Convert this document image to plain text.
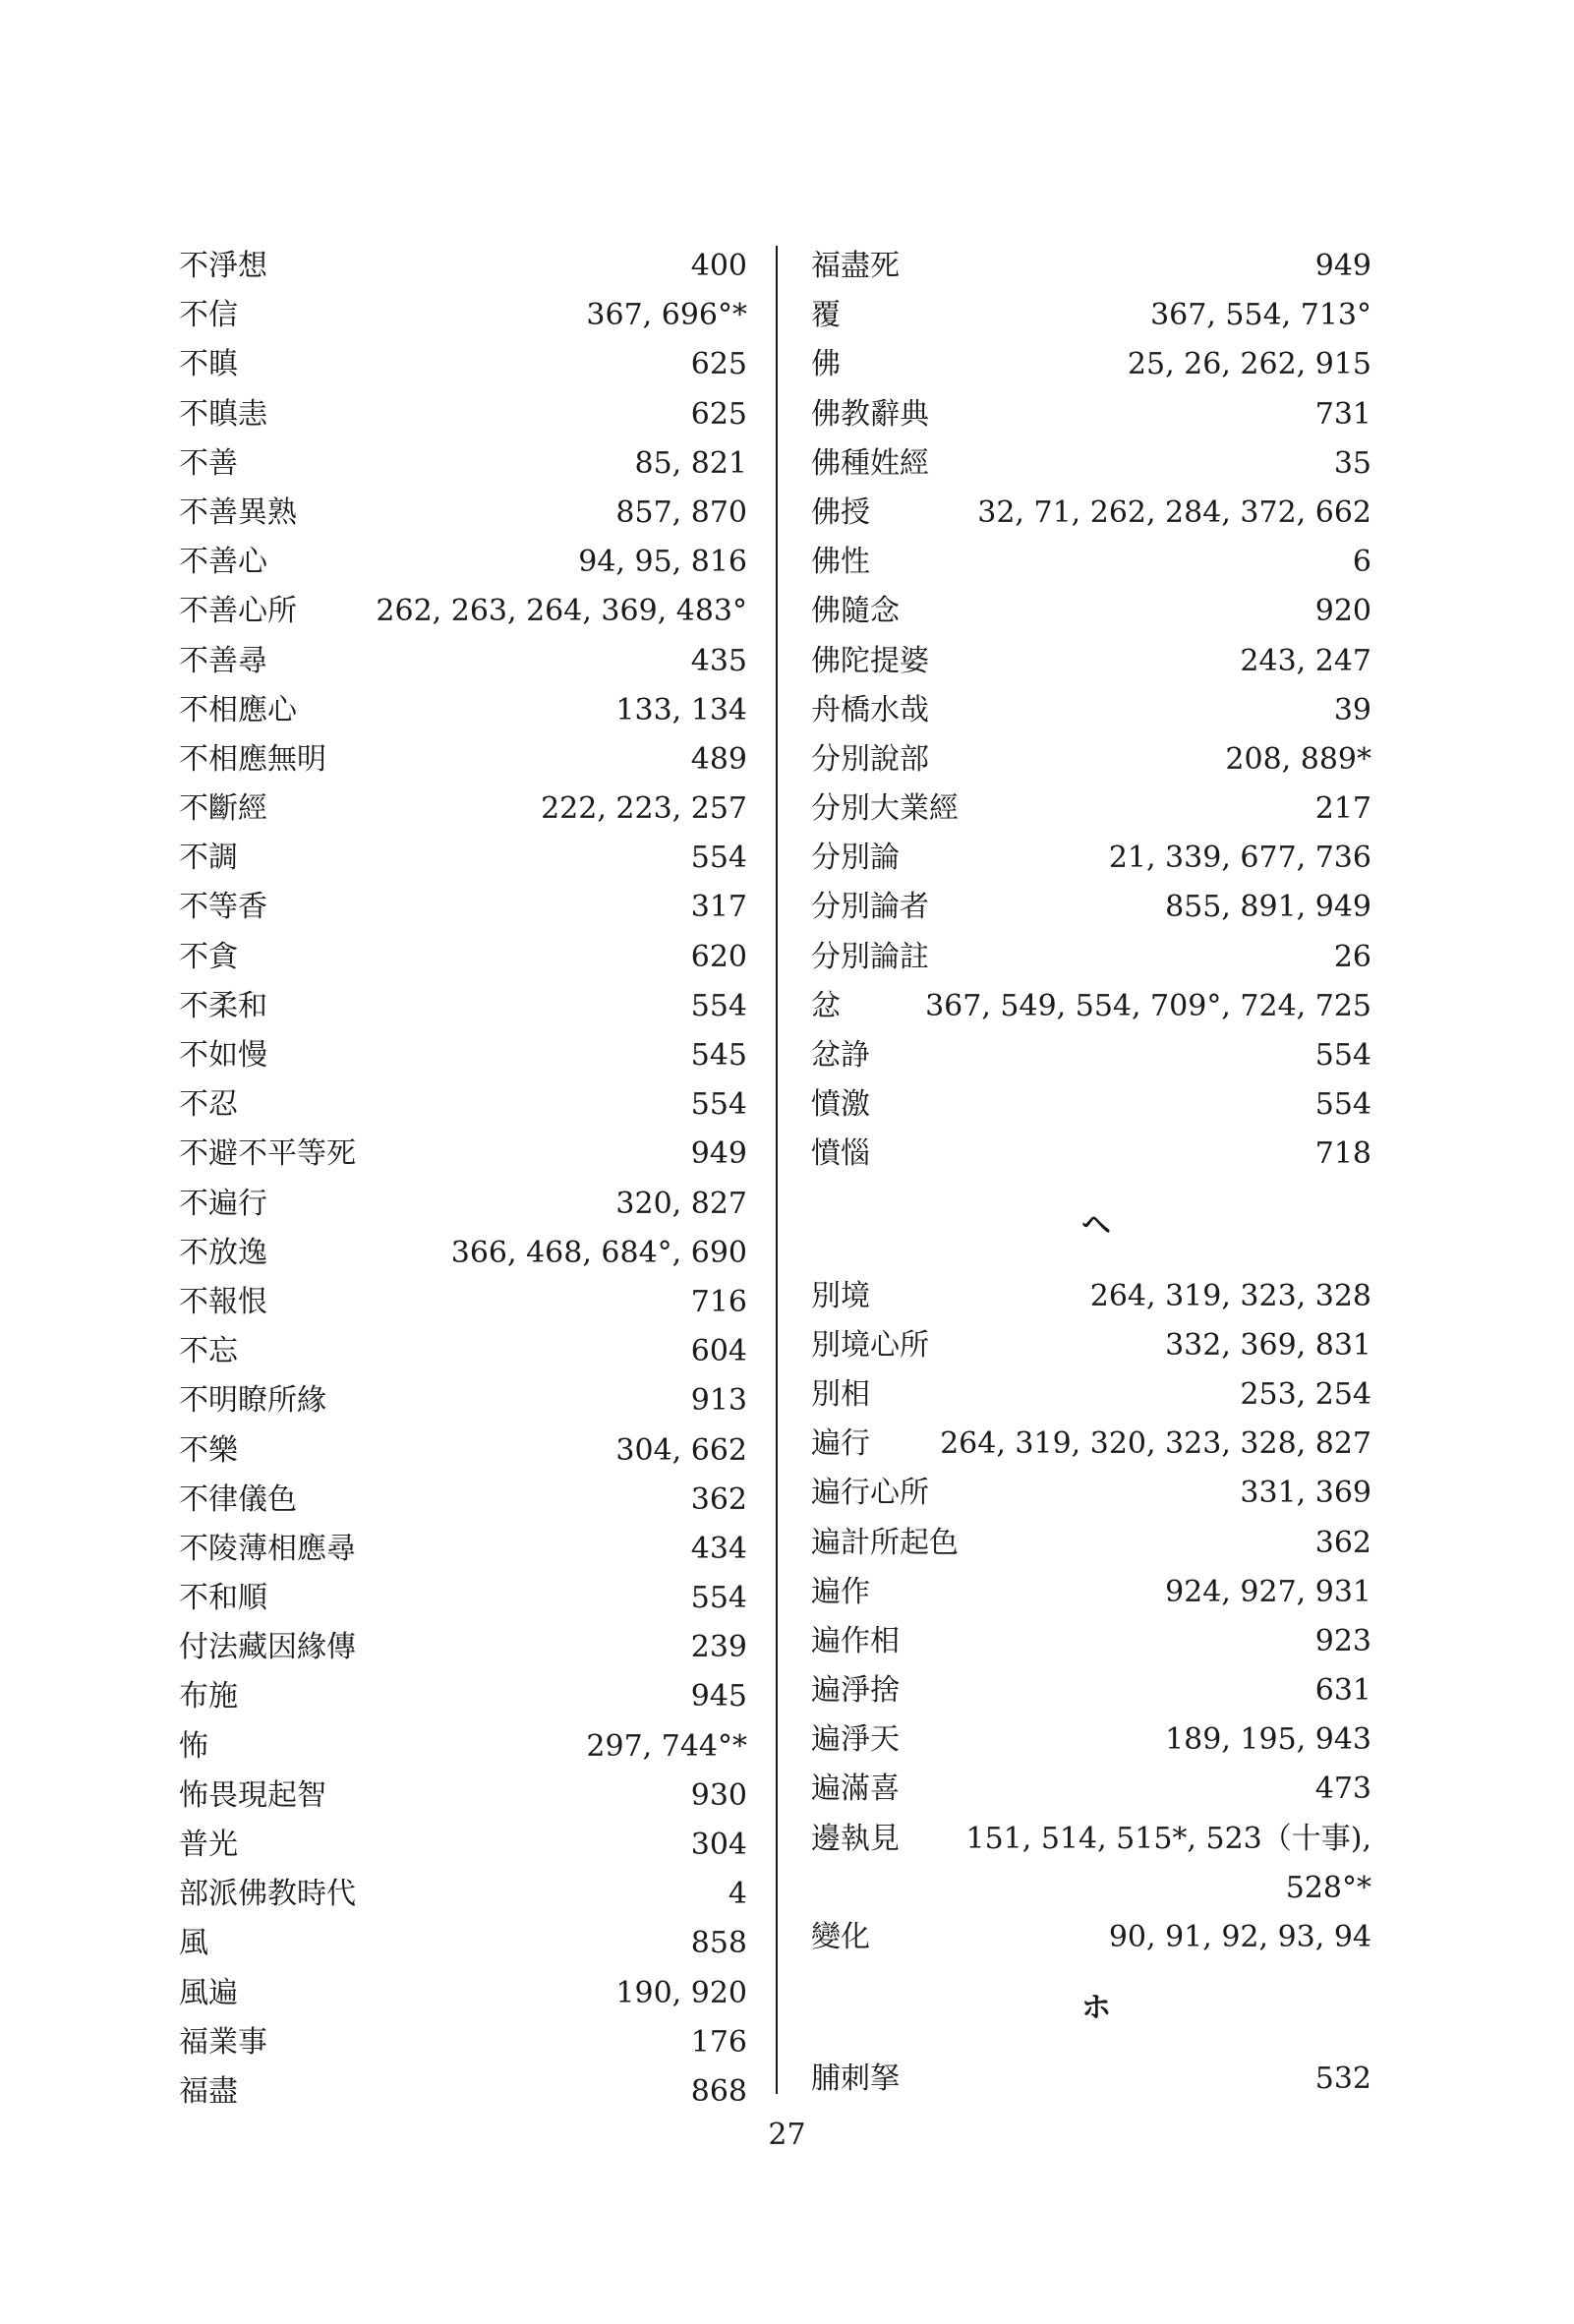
不淨想	400
不信	367, 696°*
不瞋	625
不瞋恚	625
不善	85, 821
不善異熟	857, 870
不善心	94, 95, 816
不善心所	262, 263, 264, 369, 483°
不善尋	435
不相應心	133, 134
不相應無明	489
不斷經	222, 223, 257
不調	554
不等香	317
不貪	620
不柔和	554
不如慢	545
不忍	554
不避不平等死	949
不遍行	320, 827
不放逸	366, 468, 684°, 690
不報恨	716
不忘	604
不明瞭所緣	913
不樂	304, 662
不律儀色	362
不陵薄相應尋	434
不和順	554
付法藏因緣傳	239
布施	945
怖	297, 744°*
怖畏現起智	930
普光	304
部派佛教時代	4
風	858
風遍	190, 920
福業事	176
福盡	868
福盡死	949
覆	367, 554, 713°
佛	25, 26, 262, 915
佛教辭典	731
佛種姓經	35
佛授	32, 71, 262, 284, 372, 662
佛性	6
佛隨念	920
佛陀提婆	243, 247
舟橋水哉	39
分別說部	208, 889*
分別大業經	217
分別論	21, 339, 677, 736
分別論者	855, 891, 949
分別論註	26
忿	367, 549, 554, 709°, 724, 725
忿諍	554
憤激	554
憤惱	718
ヘ
別境	264, 319, 323, 328
別境心所	332, 369, 831
別相	253, 254
遍行 264, 319, 320, 323, 328, 827
遍行心所	331, 369
遍計所起色	362
遍作	924, 927, 931
遍作相	923
遍淨捨	631
遍淨天	189, 195, 943
遍滿喜	473
邊執見 151, 514, 515*, 523（十事),
528°*
變化	90, 91, 92, 93, 94
ホ
脯刺拏	532
27
